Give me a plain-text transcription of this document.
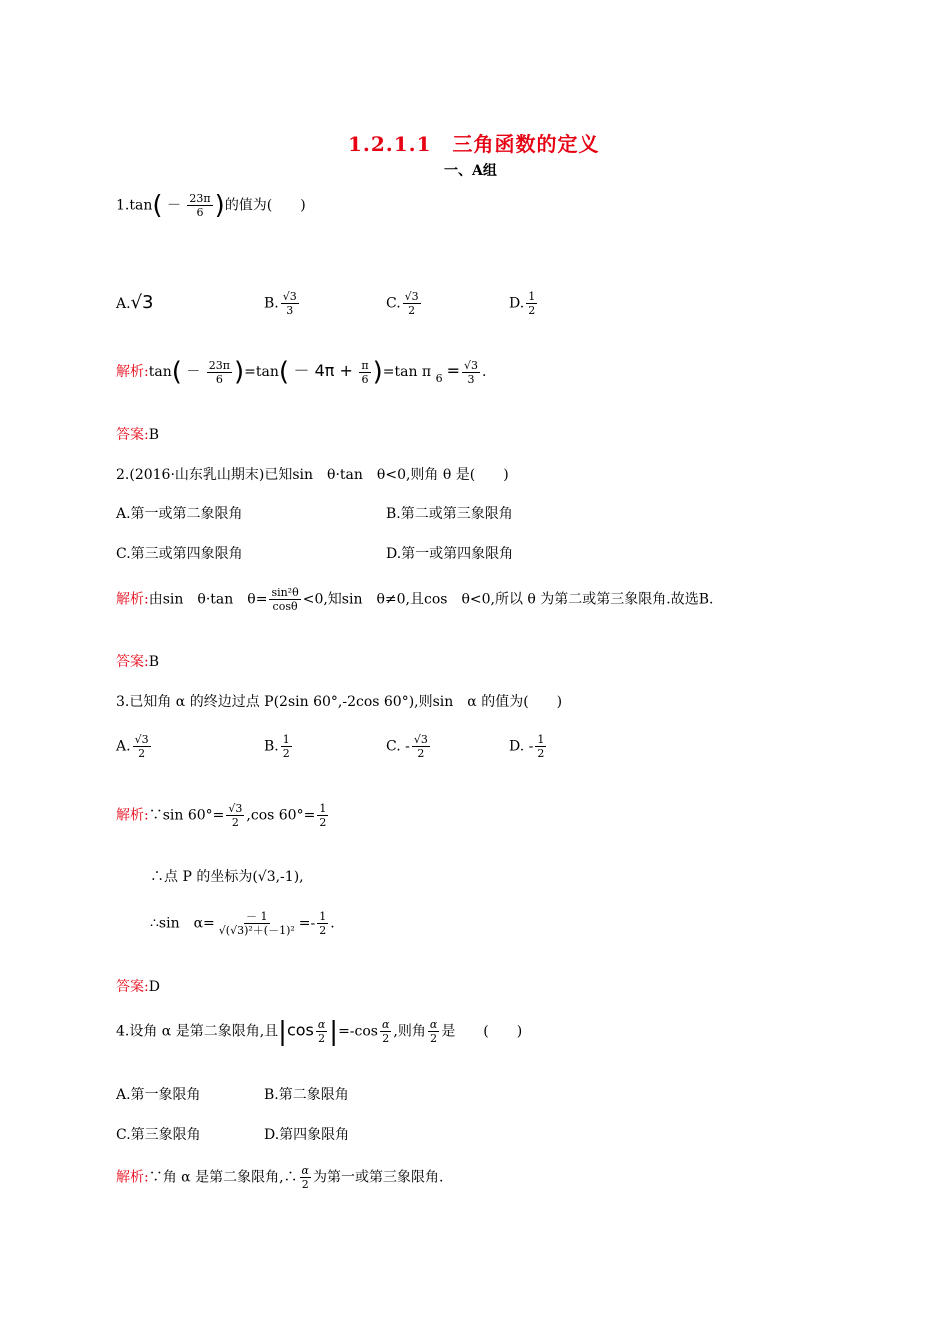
1.2.1.1　三角函数的定义
一、A组
$1.\tan( - \frac{23\pi}{6}$ )的值为(　　)
A.√3	B. $\frac{√3}{3}$	C. $\frac{√3}{2}$	D. $\frac{1}{2}$
解析:tan( － $\frac{23\pi}{6} )=\tan( - 4\pi + \frac{\pi}{6} )=\tan$ π
$6 = \frac{√3}{3}$ .
答案:B
2.(2016·山东乳山期末)已知sin　θ·tan　θ<0,则角 θ 是(　　)
A.第一或第二象限角	B.第二或第三象限角
C.第三或第四象限角	D.第一或第四象限角
解析:由sin　θ·tan　$\theta= \frac{\text{sin²θ}}{\cos\theta} <0$,知sin　θ≠0,且cos　θ<0,所以 θ 为第二或第三象限角.故选B.
答案:B
3.已知角 α 的终边过点 P(2sin 60°,-2cos 60°),则sin　α 的值为(　　)
A. $\frac{√3}{2}$	B. $\frac{1}{2}$	C. - $\frac{√3}{2}$	D. - $\frac{1}{2}$
解析:∵sin $60^\circ= \frac{√3}{2} ,\cos$ $60^\circ= \frac{1}{2}$
∴点 P 的坐标为(√3,-1),
∴sin　$\alpha= \frac{- 1}{\text{√(√3)²＋(－1)²}} =- \frac{1}{2}$ .
答案:D
4.设角 α 是第二象限角,且$|\cos \frac{\alpha}{2} |=-\cos \frac{\alpha}{2}$ ,则角 $\frac{\alpha}{2}$ 是　　(　　)
A.第一象限角	B.第二象限角
C.第三象限角	D.第四象限角
解析:∵角 α 是第二象限角,∴ $\frac{\alpha}{2}$ 为第一或第三象限角.
